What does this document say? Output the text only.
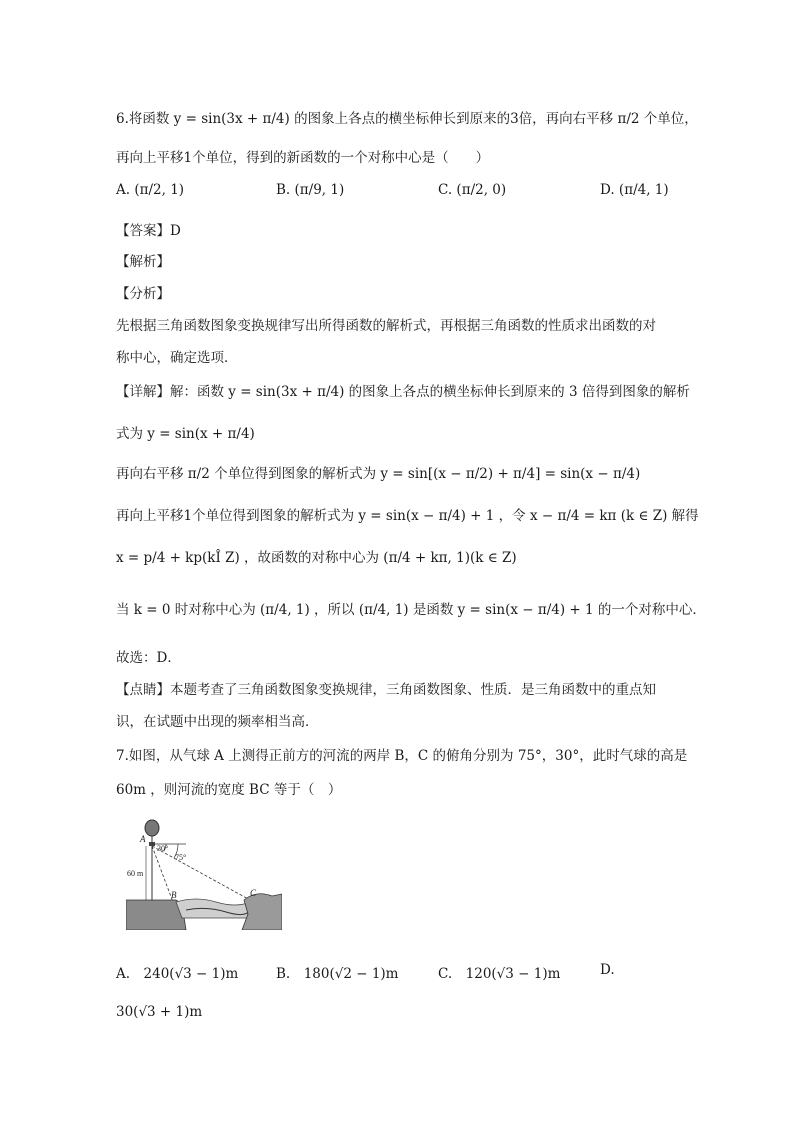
6.将函数 y = sin(3x + π/4) 的图象上各点的横坐标伸长到原来的3倍，再向右平移 π/2 个单位，
再向上平移1个单位，得到的新函数的一个对称中心是（　　）
A. (π/2, 1)	B. (π/9, 1)	C. (π/2, 0)	D. (π/4, 1)
【答案】D
【解析】
【分析】
先根据三角函数图象变换规律写出所得函数的解析式，再根据三角函数的性质求出函数的对
称中心，确定选项．
【详解】解：函数 y = sin(3x + π/4) 的图象上各点的横坐标伸长到原来的 3 倍得到图象的解析
式为 y = sin(x + π/4)
再向右平移 π/2 个单位得到图象的解析式为 y = sin[(x − π/2) + π/4] = sin(x − π/4)
再向上平移1个单位得到图象的解析式为 y = sin(x − π/4) + 1 ，令 x − π/4 = kπ (k ∈ Z) 解得
x = p/4 + kp(kÎ Z) ，故函数的对称中心为 (π/4 + kπ, 1)(k ∈ Z)
当 k = 0 时对称中心为 (π/4, 1) ，所以 (π/4, 1) 是函数 y = sin(x − π/4) + 1 的一个对称中心．
故选：D．
【点睛】本题考查了三角函数图象变换规律，三角函数图象、性质．是三角函数中的重点知
识，在试题中出现的频率相当高．
7.如图，从气球 A 上测得正前方的河流的两岸 B，C 的俯角分别为 75°，30°，此时气球的高是
60m ，则河流的宽度 BC 等于（　）
A
30°
75°
60 m
B	C
A.　240(√3 − 1)m	B.　180(√2 − 1)m	C.　120(√3 − 1)m	D.
30(√3 + 1)m
